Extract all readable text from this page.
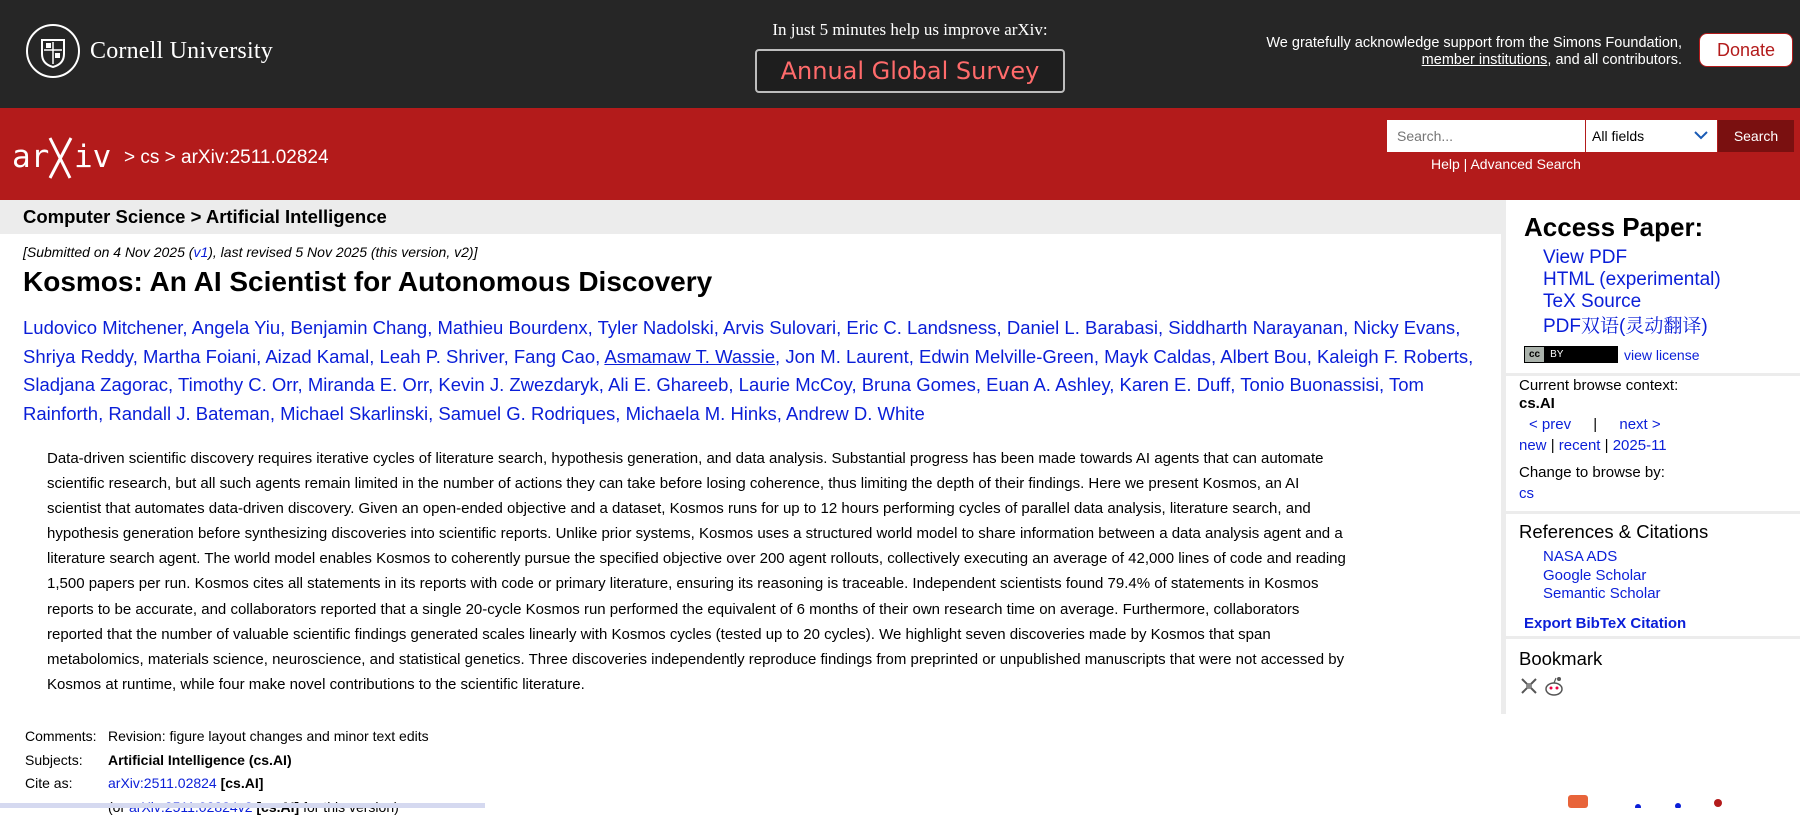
Cornell University
In just 5 minutes help us improve arXiv:
Annual Global Survey
We gratefully acknowledge support from the Simons Foundation,
member institutions, and all contributors.
Donate
ar iv > cs > arXiv:2511.02824
Search...
All fields	Search
Help | Advanced Search
Computer Science > Artificial Intelligence
[Submitted on 4 Nov 2025 (v1), last revised 5 Nov 2025 (this version, v2)]
Kosmos: An AI Scientist for Autonomous Discovery
Ludovico Mitchener, Angela Yiu, Benjamin Chang, Mathieu Bourdenx, Tyler Nadolski, Arvis Sulovari, Eric C. Landsness, Daniel L. Barabasi, Siddharth Narayanan, Nicky Evans, Shriya Reddy, Martha Foiani, Aizad Kamal, Leah P. Shriver, Fang Cao, Asmamaw T. Wassie, Jon M. Laurent, Edwin Melville-Green, Mayk Caldas, Albert Bou, Kaleigh F. Roberts, Sladjana Zagorac, Timothy C. Orr, Miranda E. Orr, Kevin J. Zwezdaryk, Ali E. Ghareeb, Laurie McCoy, Bruna Gomes, Euan A. Ashley, Karen E. Duff, Tonio Buonassisi, Tom Rainforth, Randall J. Bateman, Michael Skarlinski, Samuel G. Rodriques, Michaela M. Hinks, Andrew D. White
Data-driven scientific discovery requires iterative cycles of literature search, hypothesis generation, and data analysis. Substantial progress has been made towards AI agents that can automate
scientific research, but all such agents remain limited in the number of actions they can take before losing coherence, thus limiting the depth of their findings. Here we present Kosmos, an AI
scientist that automates data-driven discovery. Given an open-ended objective and a dataset, Kosmos runs for up to 12 hours performing cycles of parallel data analysis, literature search, and
hypothesis generation before synthesizing discoveries into scientific reports. Unlike prior systems, Kosmos uses a structured world model to share information between a data analysis agent and a
literature search agent. The world model enables Kosmos to coherently pursue the specified objective over 200 agent rollouts, collectively executing an average of 42,000 lines of code and reading
1,500 papers per run. Kosmos cites all statements in its reports with code or primary literature, ensuring its reasoning is traceable. Independent scientists found 79.4% of statements in Kosmos
reports to be accurate, and collaborators reported that a single 20-cycle Kosmos run performed the equivalent of 6 months of their own research time on average. Furthermore, collaborators
reported that the number of valuable scientific findings generated scales linearly with Kosmos cycles (tested up to 20 cycles). We highlight seven discoveries made by Kosmos that span
metabolomics, materials science, neuroscience, and statistical genetics. Three discoveries independently reproduce findings from preprinted or unpublished manuscripts that were not accessed by
Kosmos at runtime, while four make novel contributions to the scientific literature.
Comments: Revision: figure layout changes and minor text edits
Subjects:	Artificial Intelligence (cs.AI)
Cite as:	arXiv:2511.02824 [cs.AI]
Access Paper:
View PDF
HTML (experimental)
TeX Source
PDF双语(灵动翻译)
cc	BY	view license
Current browse context:
cs.AI
< prev | next >
new | recent | 2025-11
Change to browse by:
cs
References & Citations
NASA ADS
Google Scholar
Semantic Scholar
Export BibTeX Citation
Bookmark
